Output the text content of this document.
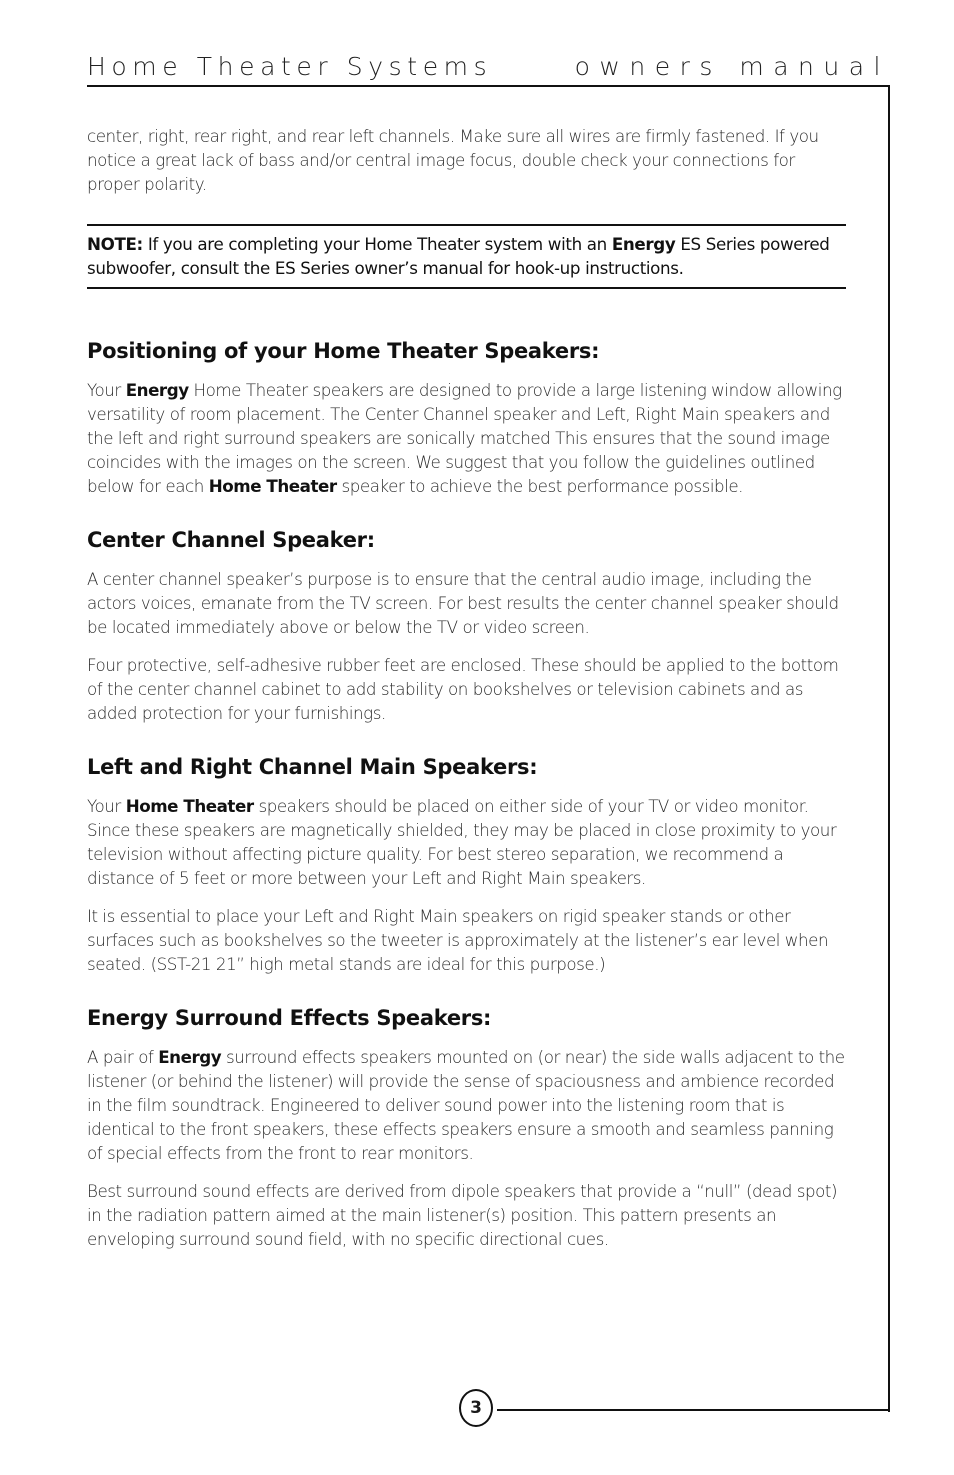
Home Theater Systems	owners manual

center, right, rear right, and rear left channels. Make sure all wires are firmly fastened. If you notice a great lack of bass and/or central image focus, double check your connections for proper polarity.

NOTE: If you are completing your Home Theater system with an Energy ES Series powered subwoofer, consult the ES Series owner’s manual for hook-up instructions.

Positioning of your Home Theater Speakers:

Your Energy Home Theater speakers are designed to provide a large listening window allowing versatility of room placement. The Center Channel speaker and Left, Right Main speakers and the left and right surround speakers are sonically matched This ensures that the sound image coincides with the images on the screen. We suggest that you follow the guidelines outlined below for each Home Theater speaker to achieve the best performance possible.

Center Channel Speaker:

A center channel speaker’s purpose is to ensure that the central audio image, including the actors voices, emanate from the TV screen. For best results the center channel speaker should be located immediately above or below the TV or video screen.

Four protective, self-adhesive rubber feet are enclosed. These should be applied to the bottom of the center channel cabinet to add stability on bookshelves or television cabinets and as added protection for your furnishings.

Left and Right Channel Main Speakers:

Your Home Theater speakers should be placed on either side of your TV or video monitor. Since these speakers are magnetically shielded, they may be placed in close proximity to your television without affecting picture quality. For best stereo separation, we recommend a distance of 5 feet or more between your Left and Right Main speakers.

It is essential to place your Left and Right Main speakers on rigid speaker stands or other surfaces such as bookshelves so the tweeter is approximately at the listener’s ear level when seated. (SST-21 21” high metal stands are ideal for this purpose.)

Energy Surround Effects Speakers:

A pair of Energy surround effects speakers mounted on (or near) the side walls adjacent to the listener (or behind the listener) will provide the sense of spaciousness and ambience recorded in the film soundtrack. Engineered to deliver sound power into the listening room that is identical to the front speakers, these effects speakers ensure a smooth and seamless panning of special effects from the front to rear monitors.

Best surround sound effects are derived from dipole speakers that provide a “null” (dead spot) in the radiation pattern aimed at the main listener(s) position. This pattern presents an enveloping surround sound field, with no specific directional cues.

3
